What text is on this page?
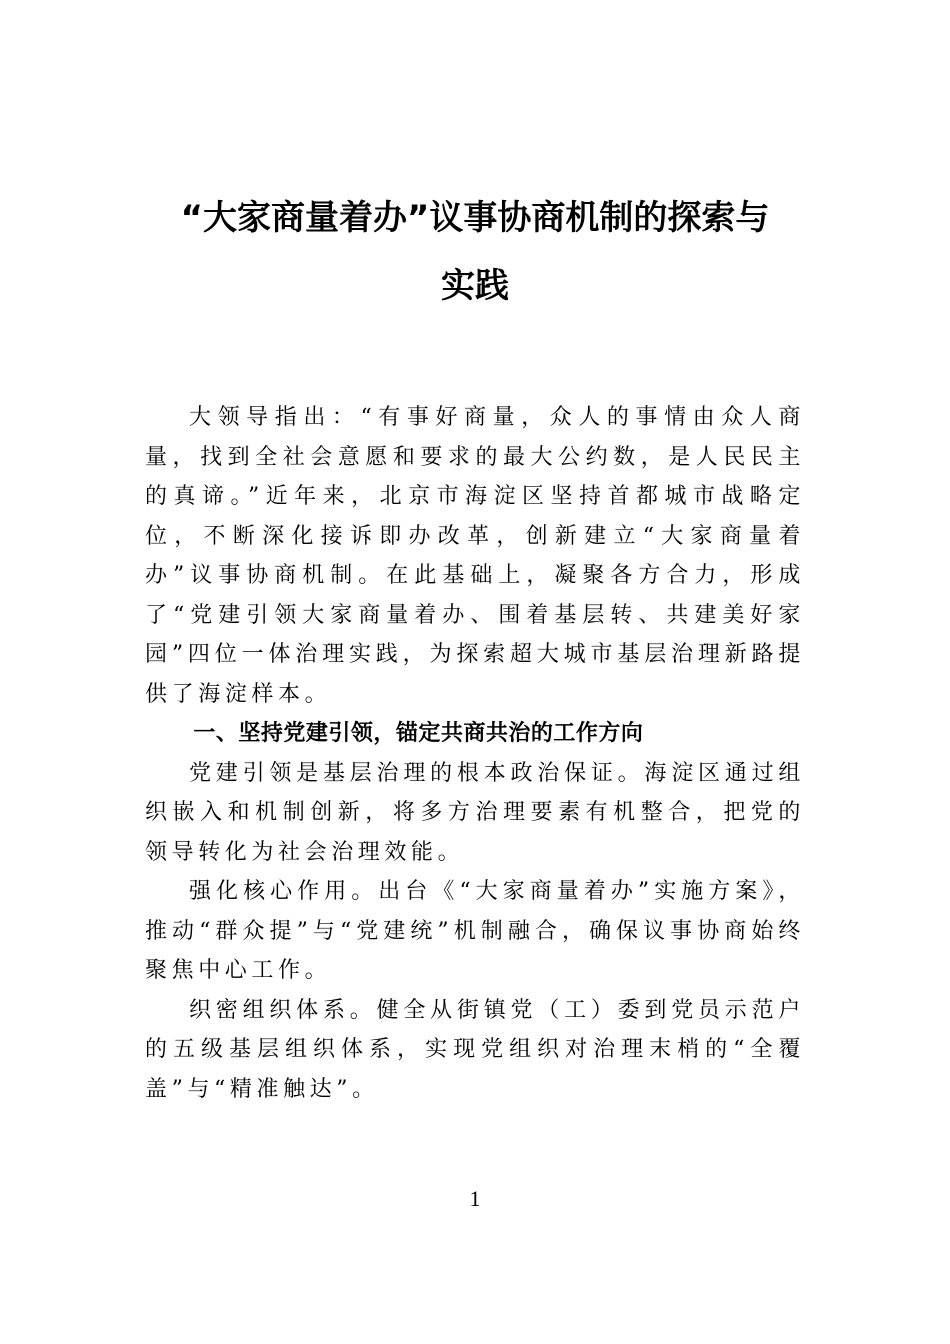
“大家商量着办”议事协商机制的探索与
实践

大领导指出：“有事好商量，众人的事情由众人商量，找到全社会意愿和要求的最大公约数，是人民民主的真谛。”近年来，北京市海淀区坚持首都城市战略定位，不断深化接诉即办改革，创新建立“大家商量着办”议事协商机制。在此基础上，凝聚各方合力，形成了“党建引领大家商量着办、围着基层转、共建美好家园”四位一体治理实践，为探索超大城市基层治理新路提供了海淀样本。

一、坚持党建引领，锚定共商共治的工作方向

党建引领是基层治理的根本政治保证。海淀区通过组织嵌入和机制创新，将多方治理要素有机整合，把党的领导转化为社会治理效能。

强化核心作用。出台《“大家商量着办”实施方案》，推动“群众提”与“党建统”机制融合，确保议事协商始终聚焦中心工作。

织密组织体系。健全从街镇党（工）委到党员示范户的五级基层组织体系，实现党组织对治理末梢的“全覆盖”与“精准触达”。

1
